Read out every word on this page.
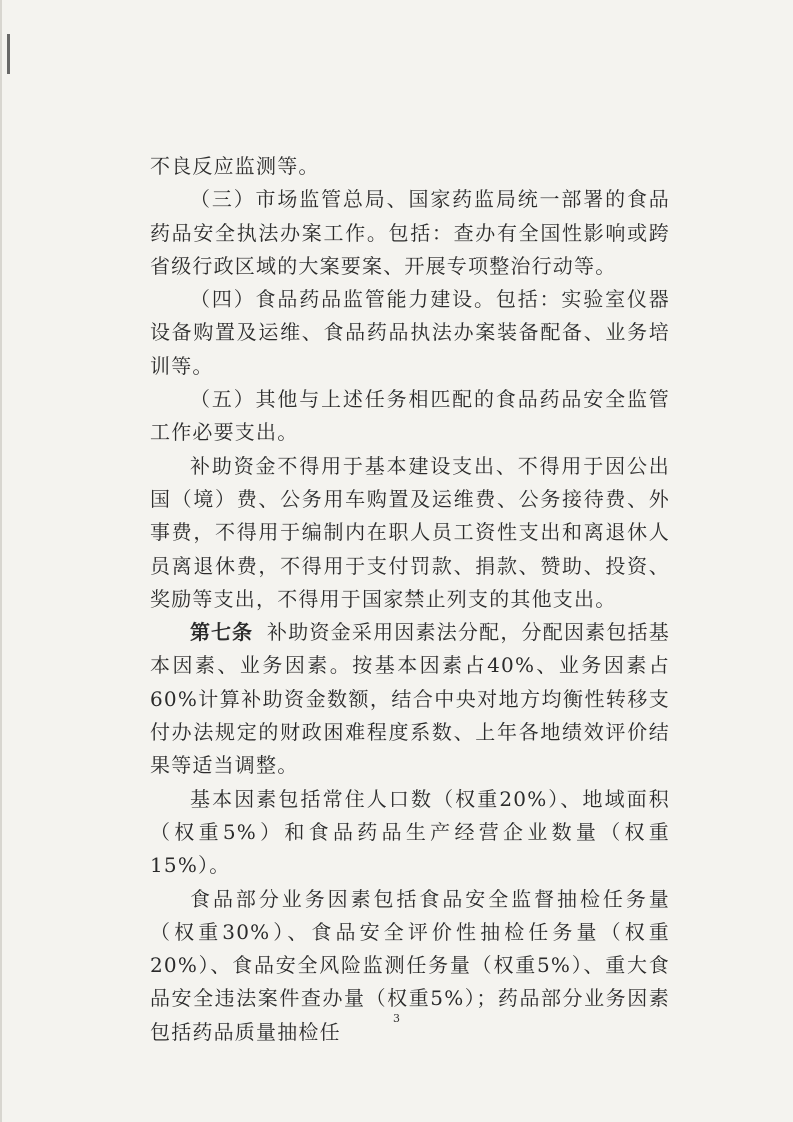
不良反应监测等。

（三）市场监管总局、国家药监局统一部署的食品药品安全执法办案工作。包括：查办有全国性影响或跨省级行政区域的大案要案、开展专项整治行动等。

（四）食品药品监管能力建设。包括：实验室仪器设备购置及运维、食品药品执法办案装备配备、业务培训等。

（五）其他与上述任务相匹配的食品药品安全监管工作必要支出。

补助资金不得用于基本建设支出、不得用于因公出国（境）费、公务用车购置及运维费、公务接待费、外事费，不得用于编制内在职人员工资性支出和离退休人员离退休费，不得用于支付罚款、捐款、赞助、投资、奖励等支出，不得用于国家禁止列支的其他支出。

第七条 补助资金采用因素法分配，分配因素包括基本因素、业务因素。按基本因素占40%、业务因素占60%计算补助资金数额，结合中央对地方均衡性转移支付办法规定的财政困难程度系数、上年各地绩效评价结果等适当调整。

基本因素包括常住人口数（权重20%）、地域面积（权重5%）和食品药品生产经营企业数量（权重15%）。

食品部分业务因素包括食品安全监督抽检任务量（权重30%）、食品安全评价性抽检任务量（权重20%）、食品安全风险监测任务量（权重5%）、重大食品安全违法案件查办量（权重5%）；药品部分业务因素包括药品质量抽检任

3
